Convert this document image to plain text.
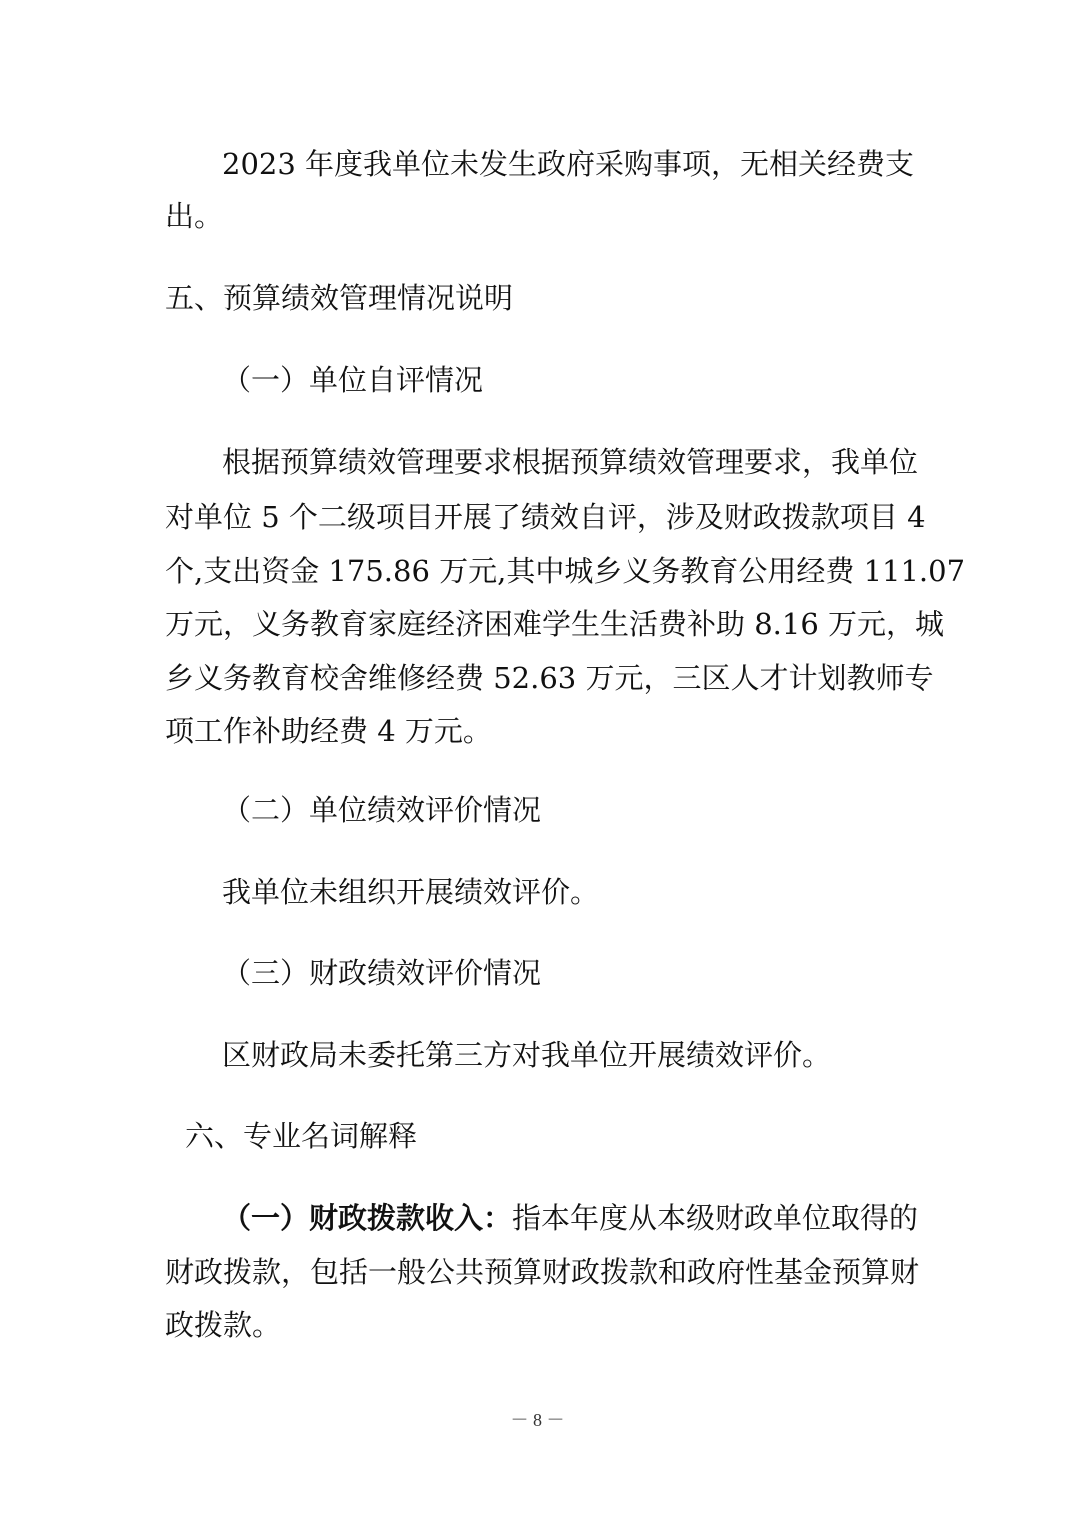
2023 年度我单位未发生政府采购事项，无相关经费支
出。
五、预算绩效管理情况说明
（一）单位自评情况
根据预算绩效管理要求根据预算绩效管理要求，我单位
对单位 5 个二级项目开展了绩效自评，涉及财政拨款项目 4
个,支出资金 175.86 万元,其中城乡义务教育公用经费 111.07
万元，义务教育家庭经济困难学生生活费补助 8.16 万元，城
乡义务教育校舍维修经费 52.63 万元，三区人才计划教师专
项工作补助经费 4 万元。
（二）单位绩效评价情况
我单位未组织开展绩效评价。
（三）财政绩效评价情况
区财政局未委托第三方对我单位开展绩效评价。
六、专业名词解释
（一）财政拨款收入：指本年度从本级财政单位取得的
财政拨款，包括一般公共预算财政拨款和政府性基金预算财
政拨款。
－ 8 －
